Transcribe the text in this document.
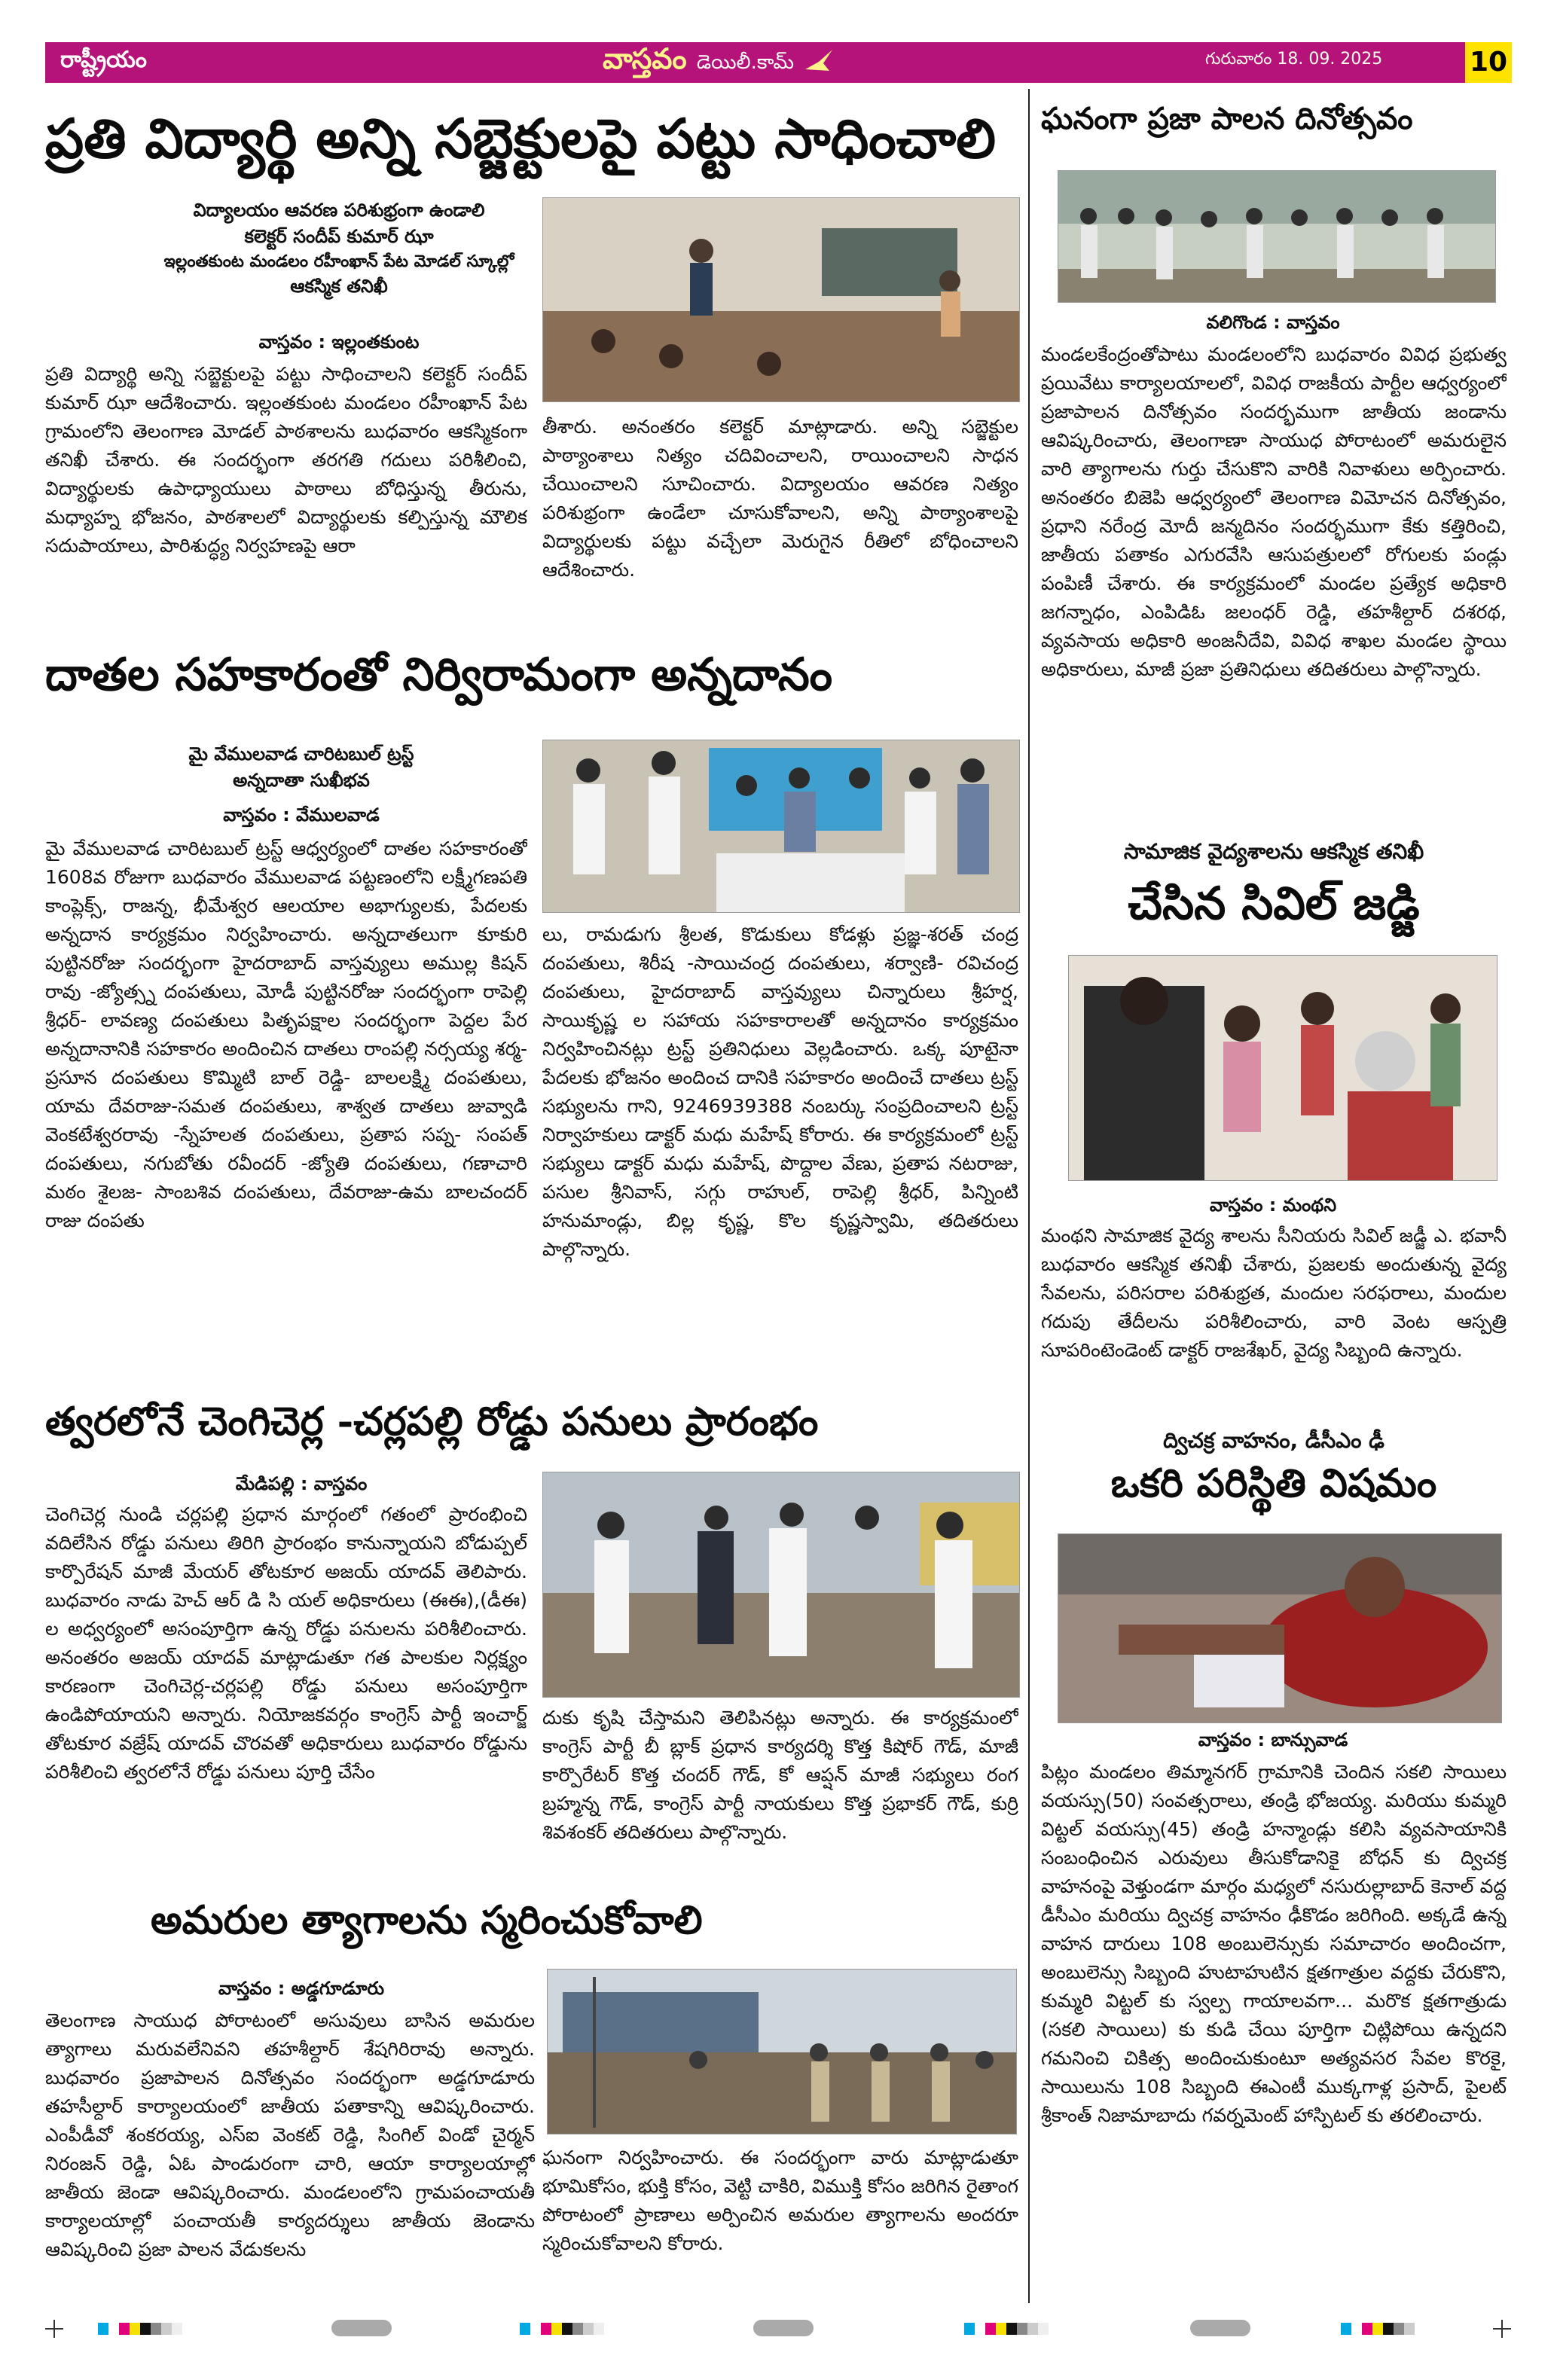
రాష్ట్రీయం	వాస్తవం డెయిలీ.కామ్	గురువారం 18. 09. 2025	10
ప్రతి విద్యార్థి అన్ని సబ్జెక్టులపై పట్టు సాధించాలి
విద్యాలయం ఆవరణ పరిశుభ్రంగా ఉండాలి
కలెక్టర్ సందీప్ కుమార్ ఝా
ఇల్లంతకుంట మండలం రహీంఖాన్ పేట మోడల్ స్కూల్లో
ఆకస్మిక తనిఖీ
వాస్తవం : ఇల్లంతకుంట
ప్రతి విద్యార్థి అన్ని సబ్జెక్టులపై పట్టు సాధించాలని కలెక్టర్ సందీప్ కుమార్ ఝా ఆదేశించారు. ఇల్లంతకుంట మండలం రహీంఖాన్ పేట గ్రామంలోని తెలంగాణ మోడల్ పాఠశాలను బుధవారం ఆకస్మికంగా తనిఖీ చేశారు. ఈ సందర్భంగా తరగతి గదులు పరిశీలించి, విద్యార్థులకు ఉపాధ్యాయులు పాఠాలు బోధిస్తున్న తీరును, మధ్యాహ్న భోజనం, పాఠశాలలో విద్యార్థులకు కల్పిస్తున్న మౌలిక సదుపాయాలు, పారిశుద్ధ్య నిర్వహణపై ఆరా
తీశారు. అనంతరం కలెక్టర్ మాట్లాడారు. అన్ని సబ్జెక్టుల పాఠ్యాంశాలు నిత్యం చదివించాలని, రాయించాలని సాధన చేయించాలని సూచించారు. విద్యాలయం ఆవరణ నిత్యం పరిశుభ్రంగా ఉండేలా చూసుకోవాలని, అన్ని పాఠ్యాంశాలపై విద్యార్థులకు పట్టు వచ్చేలా మెరుగైన రీతిలో బోధించాలని ఆదేశించారు.
దాతల సహకారంతో నిర్విరామంగా అన్నదానం
మై వేములవాడ చారిటబుల్ ట్రస్ట్
అన్నదాతా సుఖీభవ
వాస్తవం : వేములవాడ
మై వేములవాడ చారిటబుల్ ట్రస్ట్ ఆధ్వర్యంలో దాతల సహకారంతో 1608వ రోజుగా బుధవారం వేములవాడ పట్టణంలోని లక్ష్మీగణపతి కాంప్లెక్స్, రాజన్న, భీమేశ్వర ఆలయాల అభాగ్యులకు, పేదలకు అన్నదాన కార్యక్రమం నిర్వహించారు. అన్నదాతలుగా కూకురి పుట్టినరోజు సందర్భంగా హైదరాబాద్ వాస్తవ్యులు అముల్ల కిషన్ రావు -జ్యోత్స్న దంపతులు, మోడీ పుట్టినరోజు సందర్భంగా రాపెల్లి శ్రీధర్- లావణ్య దంపతులు పితృపక్షాల సందర్భంగా పెద్దల పేర అన్నదానానికి సహకారం అందించిన దాతలు రాంపల్లి నర్సయ్య శర్మ- ప్రసూన దంపతులు కొమ్మిటి బాల్ రెడ్డి- బాలలక్ష్మి దంపతులు, యామ దేవరాజు-సమత దంపతులు, శాశ్వత దాతలు జువ్వాడి వెంకటేశ్వరరావు -స్నేహలత దంపతులు, ప్రతాప సప్న- సంపత్ దంపతులు, నగుబోతు రవీందర్ -జ్యోతి దంపతులు, గణాచారి మఠం శైలజ- సాంబశివ దంపతులు, దేవరాజు-ఉమ బాలచందర్ రాజు దంపతు
లు, రామడుగు శ్రీలత, కొడుకులు కోడళ్లు ప్రజ్ఞ-శరత్ చంద్ర దంపతులు, శిరీష -సాయిచంద్ర దంపతులు, శర్వాణి- రవిచంద్ర దంపతులు, హైదరాబాద్ వాస్తవ్యులు చిన్నారులు శ్రీహర్ష, సాయికృష్ణ ల సహాయ సహకారాలతో అన్నదానం కార్యక్రమం నిర్వహించినట్లు ట్రస్ట్ ప్రతినిధులు వెల్లడించారు. ఒక్క పూటైనా పేదలకు భోజనం అందించ దానికి సహకారం అందించే దాతలు ట్రస్ట్ సభ్యులను గాని, 9246939388 నంబర్కు సంప్రదించాలని ట్రస్ట్ నిర్వాహకులు డాక్టర్ మధు మహేష్ కోరారు. ఈ కార్యక్రమంలో ట్రస్ట్ సభ్యులు డాక్టర్ మధు మహేష్, పొద్దాల వేణు, ప్రతాప నటరాజు, పసుల శ్రీనివాస్, సగ్గు రాహుల్, రాపెల్లి శ్రీధర్, పిన్నింటి హనుమాండ్లు, బిల్ల కృష్ణ, కొల కృష్ణస్వామి, తదితరులు పాల్గొన్నారు.
త్వరలోనే చెంగిచెర్ల -చర్లపల్లి రోడ్డు పనులు ప్రారంభం
మేడిపల్లి : వాస్తవం
చెంగిచెర్ల నుండి చర్లపల్లి ప్రధాన మార్గంలో గతంలో ప్రారంభించి వదిలేసిన రోడ్డు పనులు తిరిగి ప్రారంభం కానున్నాయని బోడుప్పల్ కార్పొరేషన్ మాజీ మేయర్ తోటకూర అజయ్ యాదవ్ తెలిపారు. బుధవారం నాడు హెచ్ ఆర్ డి సి యల్ అధికారులు (ఈఈ),(డీఈ) ల అధ్వర్యంలో అసంపూర్తిగా ఉన్న రోడ్డు పనులను పరిశీలించారు. అనంతరం అజయ్ యాదవ్ మాట్లాడుతూ గత పాలకుల నిర్లక్ష్యం కారణంగా చెంగిచెర్ల-చర్లపల్లి రోడ్డు పనులు అసంపూర్తిగా ఉండిపోయాయని అన్నారు. నియోజకవర్గం కాంగ్రెస్ పార్టీ ఇంచార్జ్ తోటకూర వజ్రేష్ యాదవ్ చొరవతో అధికారులు బుధవారం రోడ్డును పరిశీలించి త్వరలోనే రోడ్డు పనులు పూర్తి చేసేం
దుకు కృషి చేస్తామని తెలిపినట్లు అన్నారు. ఈ కార్యక్రమంలో కాంగ్రెస్ పార్టీ బీ బ్లాక్ ప్రధాన కార్యదర్శి కొత్త కిషోర్ గౌడ్, మాజీ కార్పొరేటర్ కొత్త చందర్ గౌడ్, కో ఆప్షన్ మాజీ సభ్యులు రంగ బ్రహ్మన్న గౌడ్, కాంగ్రెస్ పార్టీ నాయకులు కొత్త ప్రభాకర్ గౌడ్, కుర్రి శివశంకర్ తదితరులు పాల్గొన్నారు.
అమరుల త్యాగాలను స్మరించుకోవాలి
వాస్తవం : అడ్డగూడూరు
తెలంగాణ సాయుధ పోరాటంలో అసువులు బాసిన అమరుల త్యాగాలు మరువలేనివని తహశీల్దార్ శేషగిరిరావు అన్నారు. బుధవారం ప్రజాపాలన దినోత్సవం సందర్భంగా అడ్డగూడూరు తహసీల్దార్ కార్యాలయంలో జాతీయ పతాకాన్ని ఆవిష్కరించారు. ఎంపీడీవో శంకరయ్య, ఎస్ఐ వెంకట్ రెడ్డి, సింగిల్ విండో చైర్మన్ నిరంజన్ రెడ్డి, ఏఓ పాండురంగా చారి, ఆయా కార్యాలయాల్లో జాతీయ జెండా ఆవిష్కరించారు. మండలంలోని గ్రామపంచాయతీ కార్యాలయాల్లో పంచాయతీ కార్యదర్శులు జాతీయ జెండాను ఆవిష్కరించి ప్రజా పాలన వేడుకలను
ఘనంగా నిర్వహించారు. ఈ సందర్భంగా వారు మాట్లాడుతూ భూమికోసం, భుక్తి కోసం, వెట్టి చాకిరి, విముక్తి కోసం జరిగిన రైతాంగ పోరాటంలో ప్రాణాలు అర్పించిన అమరుల త్యాగాలను అందరూ స్మరించుకోవాలని కోరారు.
ఘనంగా ప్రజా పాలన దినోత్సవం
వలిగొండ : వాస్తవం
మండలకేంద్రంతోపాటు మండలంలోని బుధవారం వివిధ ప్రభుత్వ ప్రయివేటు కార్యాలయాలలో, వివిధ రాజకీయ పార్టీల ఆధ్వర్యంలో ప్రజాపాలన దినోత్సవం సందర్భముగా జాతీయ జండాను ఆవిష్కరించారు, తెలంగాణా సాయుధ పోరాటంలో అమరులైన వారి త్యాగాలను గుర్తు చేసుకొని వారికి నివాళులు అర్పించారు. అనంతరం బిజెపి ఆధ్వర్యంలో తెలంగాణ విమోచన దినోత్సవం, ప్రధాని నరేంద్ర మోదీ జన్మదినం సందర్భముగా కేకు కత్తిరించి, జాతీయ పతాకం ఎగురవేసి ఆసుపత్రులలో రోగులకు పండ్లు పంపిణీ చేశారు. ఈ కార్యక్రమంలో మండల ప్రత్యేక అధికారి జగన్నాధం, ఎంపిడిఓ జలంధర్ రెడ్డి, తహశీల్దార్ దశరథ, వ్యవసాయ అధికారి అంజనీదేవి, వివిధ శాఖల మండల స్థాయి అధికారులు, మాజీ ప్రజా ప్రతినిధులు తదితరులు పాల్గొన్నారు.
సామాజిక వైద్యశాలను ఆకస్మిక తనిఖీ
చేసిన సివిల్ జడ్జి
వాస్తవం : మంథని
మంథని సామాజిక వైద్య శాలను సీనియరు సివిల్ జడ్జీ ఎ. భవానీ బుధవారం ఆకస్మిక తనిఖీ చేశారు, ప్రజలకు అందుతున్న వైద్య సేవలను, పరిసరాల పరిశుభ్రత, మందుల సరఫరాలు, మందుల గదుపు తేదీలను పరిశీలించారు, వారి వెంట ఆస్పత్రి సూపరింటెండెంట్ డాక్టర్ రాజశేఖర్, వైద్య సిబ్బంది ఉన్నారు.
ద్విచక్ర వాహనం, డీసీఎం ఢీ
ఒకరి పరిస్థితి విషమం
వాస్తవం : బాన్సువాడ
పిట్లం మండలం తిమ్మానగర్ గ్రామానికి చెందిన సకలి సాయిలు వయస్సు(50) సంవత్సరాలు, తండ్రి భోజయ్య. మరియు కుమ్మరి విట్టల్ వయస్సు(45) తండ్రి హన్మాండ్లు కలిసి వ్యవసాయానికి సంబంధించిన ఎరువులు తీసుకోడానికై బోధన్ కు ద్విచక్ర వాహనంపై వెళ్తుండగా మార్గం మధ్యలో నసురుల్లాబాద్ కెనాల్ వద్ద డీసీఎం మరియు ద్విచక్ర వాహనం ఢీకొడం జరిగింది. అక్కడే ఉన్న వాహన దారులు 108 అంబులెన్సుకు సమాచారం అందించగా, అంబులెన్సు సిబ్బంది హుటాహుటిన క్షతగాత్రుల వద్దకు చేరుకొని, కుమ్మరి విట్టల్ కు స్వల్ప గాయాలవగా... మరొక క్షతగాత్రుడు (సకలి సాయిలు) కు కుడి చేయి పూర్తిగా చిట్లిపోయి ఉన్నదని గమనించి చికిత్స అందించుకుంటూ అత్యవసర సేవల కొరకై, సాయిలును 108 సిబ్బంది ఈఎంటీ ముక్కగాళ్ల ప్రసాద్, పైలట్ శ్రీకాంత్ నిజామాబాదు గవర్నమెంట్ హాస్పిటల్ కు తరలించారు.
